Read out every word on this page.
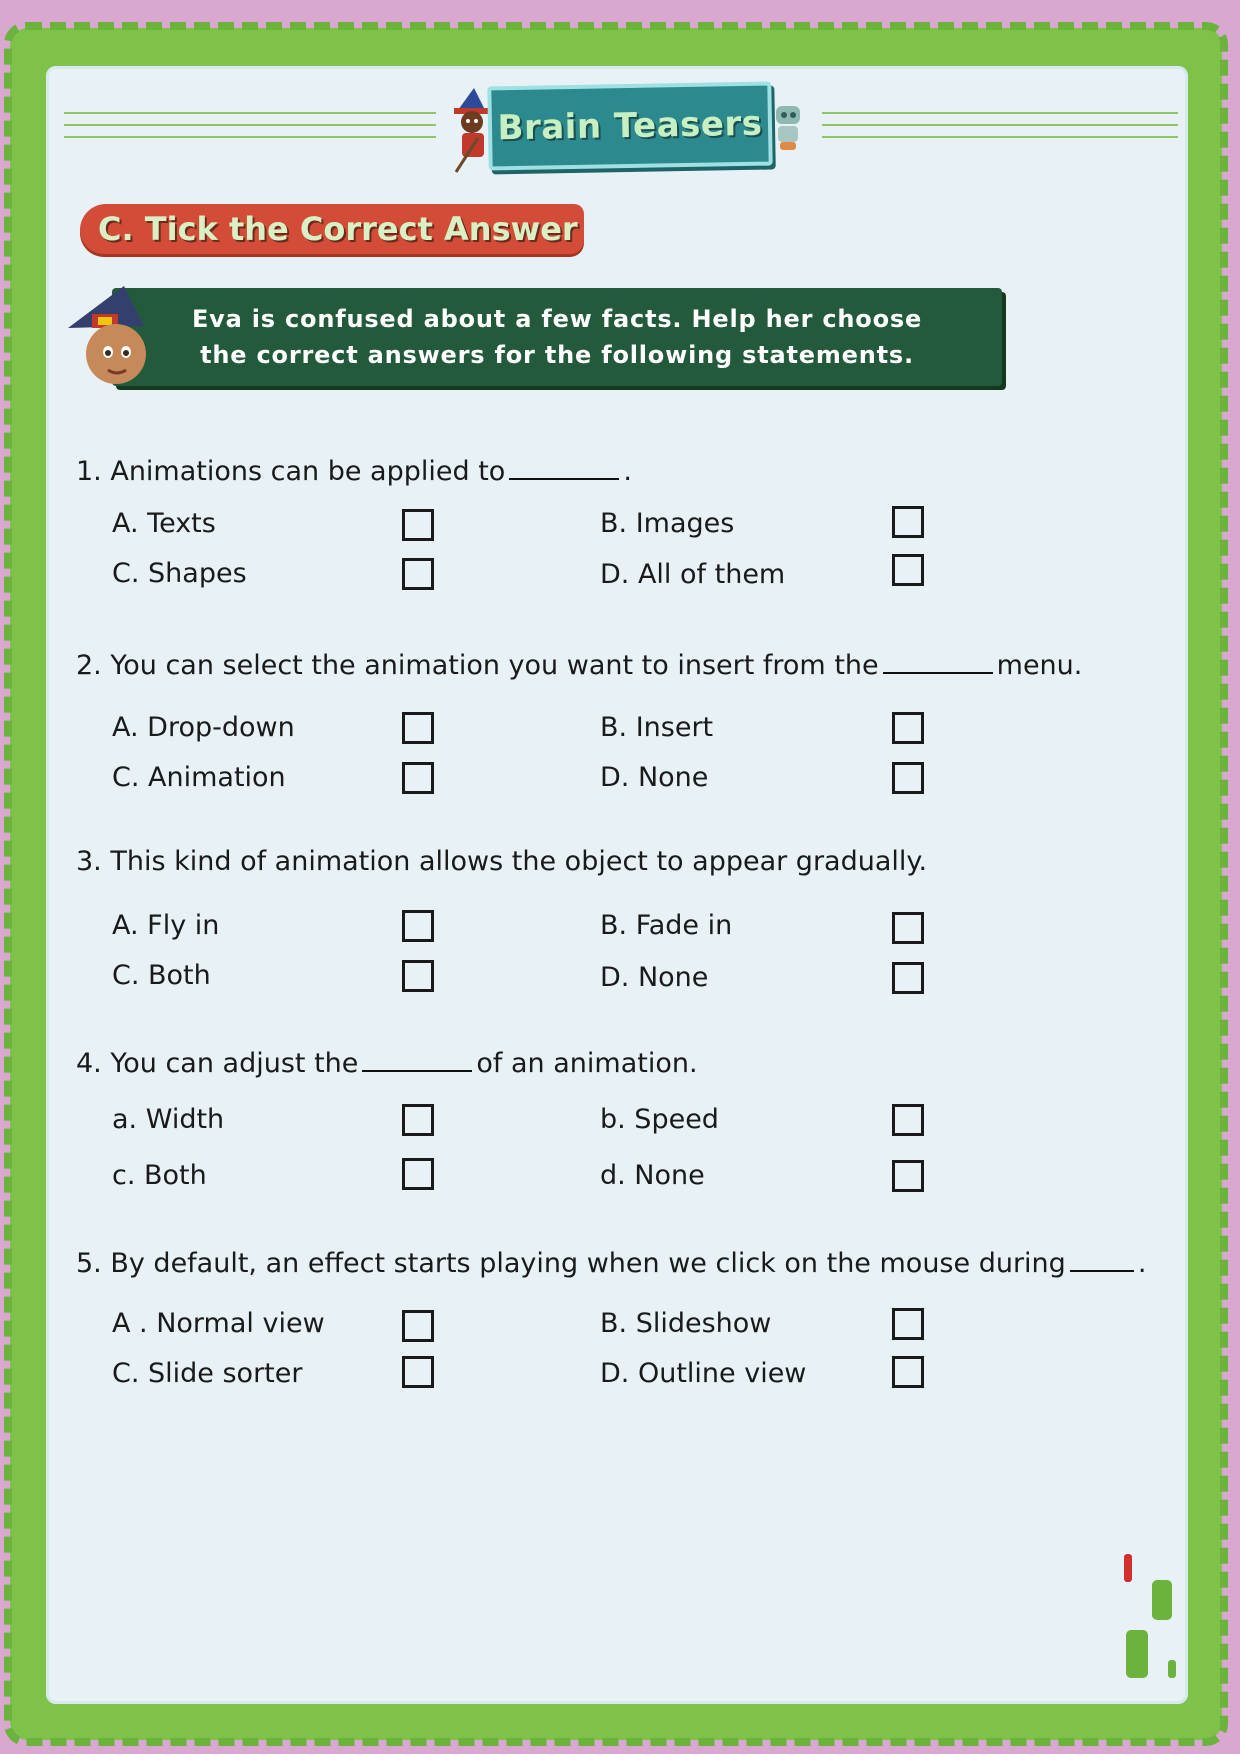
Brain Teasers
C. Tick the Correct Answer
Eva is confused about a few facts. Help her choose the correct answers for the following statements.
1. Animations can be applied to	.
A. Texts	B. Images
C. Shapes	D. All of them
2. You can select the animation you want to insert from the	menu.
A. Drop-down	B. Insert
C. Animation	D. None
3. This kind of animation allows the object to appear gradually.
A. Fly in	B. Fade in
C. Both	D. None
4. You can adjust the	of an animation.
a. Width	b. Speed
c. Both	d. None
5. By default, an effect starts playing when we click on the mouse during	.
A . Normal view	B. Slideshow
C. Slide sorter	D. Outline view
